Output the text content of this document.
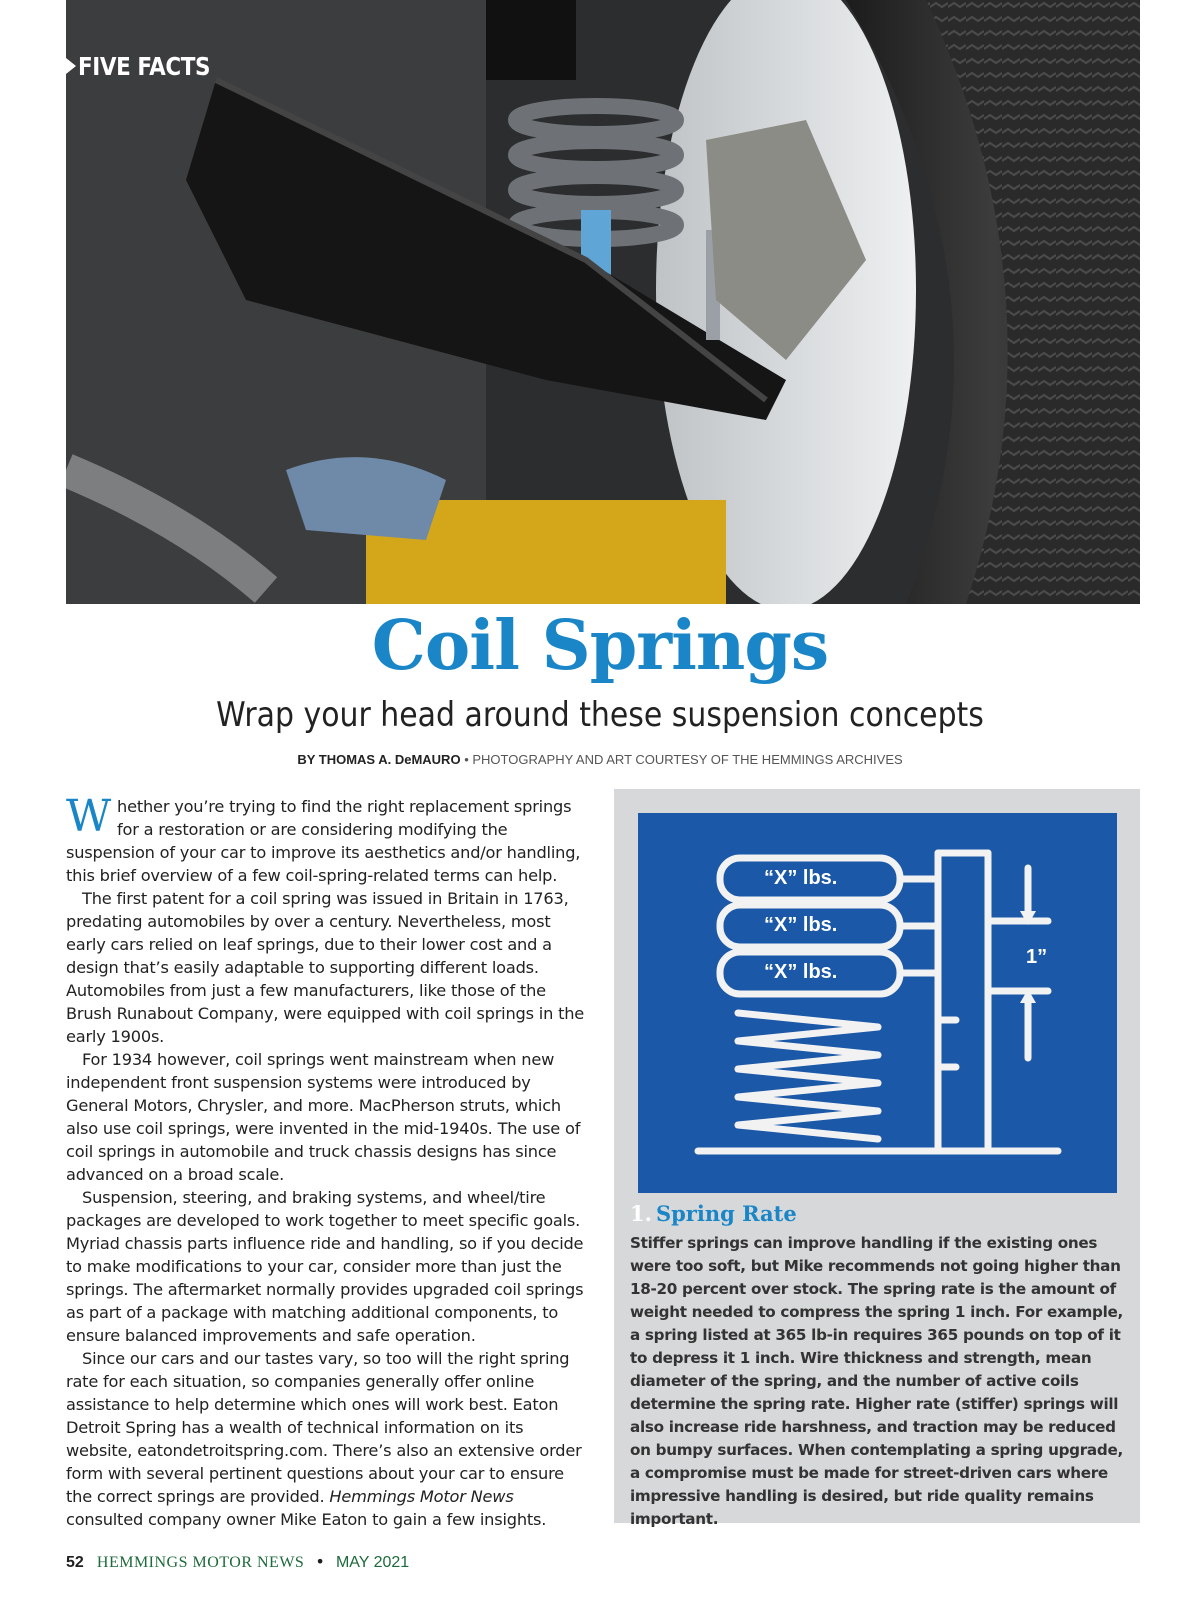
FIVE FACTS
Coil Springs
Wrap your head around these suspension concepts
BY THOMAS A. DeMAURO • PHOTOGRAPHY AND ART COURTESY OF THE HEMMINGS ARCHIVES

Whether you’re trying to find the right replacement springs for a restoration or are considering modifying the suspension of your car to improve its aesthetics and/or handling, this brief overview of a few coil-spring-related terms can help.

The first patent for a coil spring was issued in Britain in 1763, predating automobiles by over a century. Nevertheless, most early cars relied on leaf springs, due to their lower cost and a design that’s easily adaptable to supporting different loads. Automobiles from just a few manufacturers, like those of the Brush Runabout Company, were equipped with coil springs in the early 1900s.

For 1934 however, coil springs went mainstream when new independent front suspension systems were introduced by General Motors, Chrysler, and more. MacPherson struts, which also use coil springs, were invented in the mid-1940s. The use of coil springs in automobile and truck chassis designs has since advanced on a broad scale.

Suspension, steering, and braking systems, and wheel/tire packages are developed to work together to meet specific goals. Myriad chassis parts influence ride and handling, so if you decide to make modifications to your car, consider more than just the springs. The aftermarket normally provides upgraded coil springs as part of a package with matching additional components, to ensure balanced improvements and safe operation.

Since our cars and our tastes vary, so too will the right spring rate for each situation, so companies generally offer online assistance to help determine which ones will work best. Eaton Detroit Spring has a wealth of technical information on its website, eatondetroitspring.com. There’s also an extensive order form with several pertinent questions about your car to ensure the correct springs are provided. Hemmings Motor News consulted company owner Mike Eaton to gain a few insights.

“X” lbs.
“X” lbs.
“X” lbs.
1”
1. Spring Rate
Stiffer springs can improve handling if the existing ones were too soft, but Mike recommends not going higher than 18-20 percent over stock. The spring rate is the amount of weight needed to compress the spring 1 inch. For example, a spring listed at 365 lb-in requires 365 pounds on top of it to depress it 1 inch. Wire thickness and strength, mean diameter of the spring, and the number of active coils determine the spring rate. Higher rate (stiffer) springs will also increase ride harshness, and traction may be reduced on bumpy surfaces. When contemplating a spring upgrade, a compromise must be made for street-driven cars where impressive handling is desired, but ride quality remains important.
52 HEMMINGS MOTOR NEWS • MAY 2021
